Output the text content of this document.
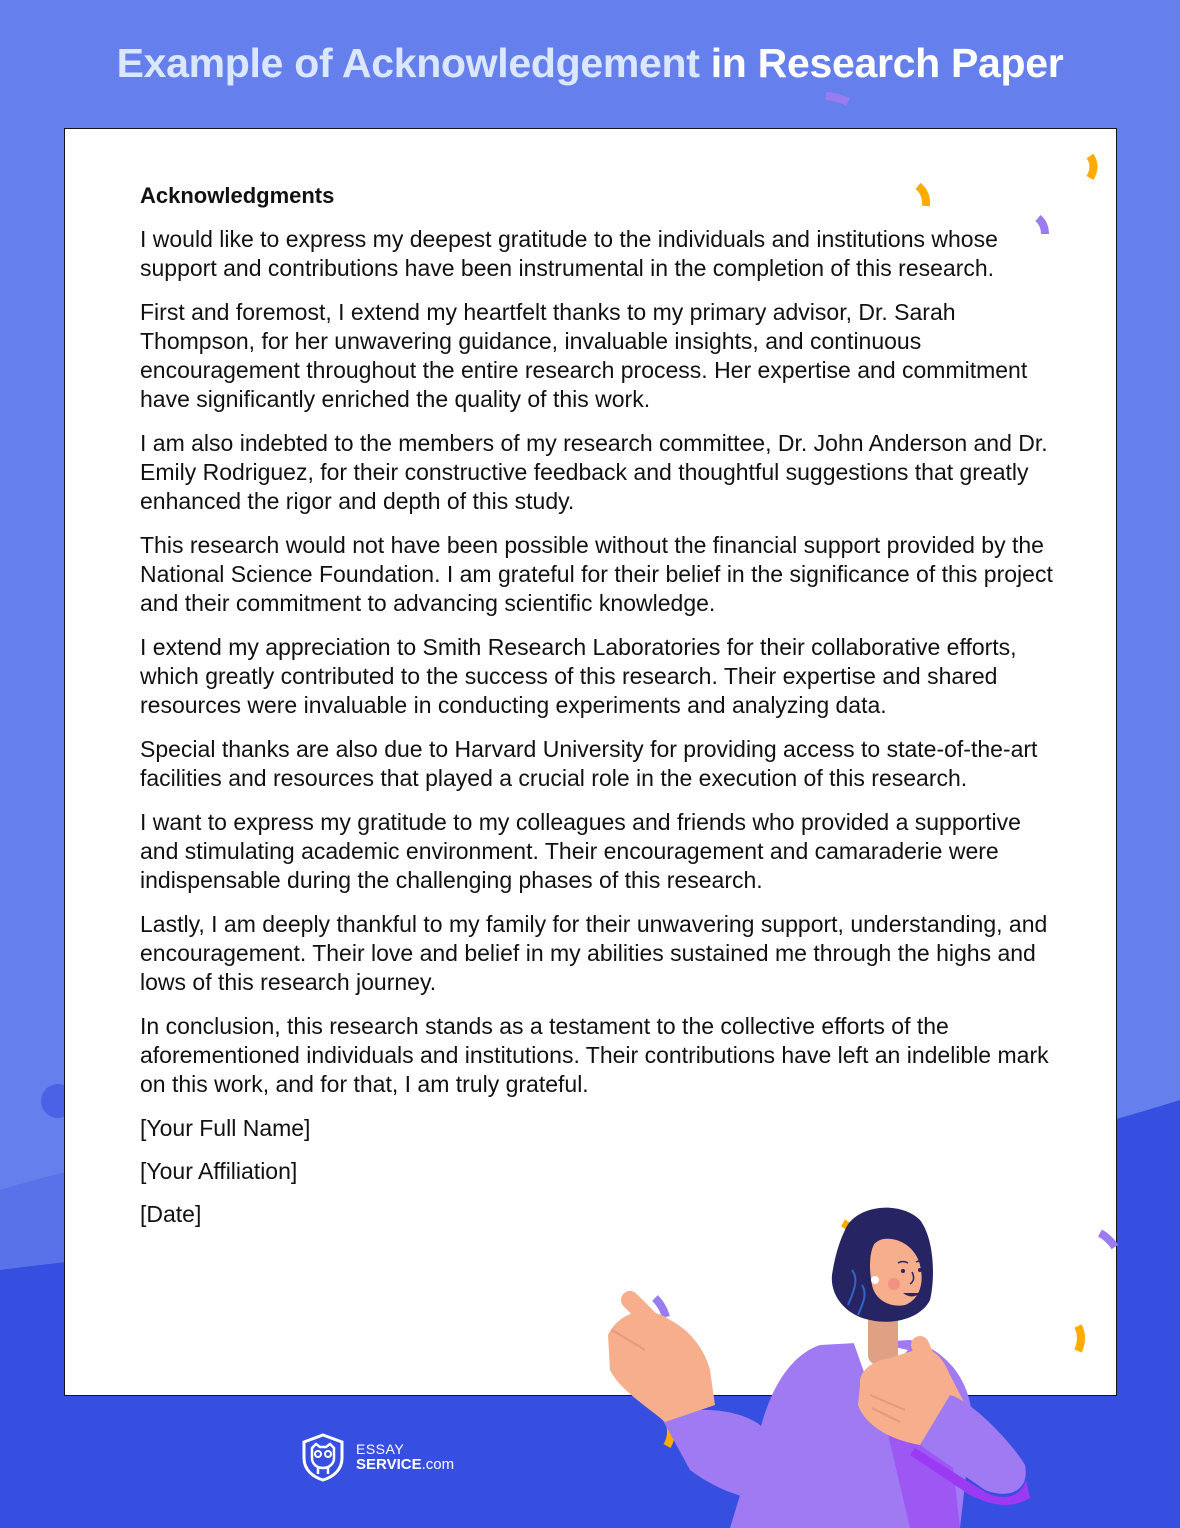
Example of Acknowledgement in Research Paper
Acknowledgments

I would like to express my deepest gratitude to the individuals and institutions whose support and contributions have been instrumental in the completion of this research.

First and foremost, I extend my heartfelt thanks to my primary advisor, Dr. Sarah Thompson, for her unwavering guidance, invaluable insights, and continuous encouragement throughout the entire research process. Her expertise and commitment have significantly enriched the quality of this work.

I am also indebted to the members of my research committee, Dr. John Anderson and Dr. Emily Rodriguez, for their constructive feedback and thoughtful suggestions that greatly enhanced the rigor and depth of this study.

This research would not have been possible without the financial support provided by the National Science Foundation. I am grateful for their belief in the significance of this project and their commitment to advancing scientific knowledge.

I extend my appreciation to Smith Research Laboratories for their collaborative efforts, which greatly contributed to the success of this research. Their expertise and shared resources were invaluable in conducting experiments and analyzing data.

Special thanks are also due to Harvard University for providing access to state-of-the-art facilities and resources that played a crucial role in the execution of this research.

I want to express my gratitude to my colleagues and friends who provided a supportive and stimulating academic environment. Their encouragement and camaraderie were indispensable during the challenging phases of this research.

Lastly, I am deeply thankful to my family for their unwavering support, understanding, and encouragement. Their love and belief in my abilities sustained me through the highs and lows of this research journey.

In conclusion, this research stands as a testament to the collective efforts of the aforementioned individuals and institutions. Their contributions have left an indelible mark on this work, and for that, I am truly grateful.

[Your Full Name]

[Your Affiliation]

[Date]

ESSAY
SERVICE.com
